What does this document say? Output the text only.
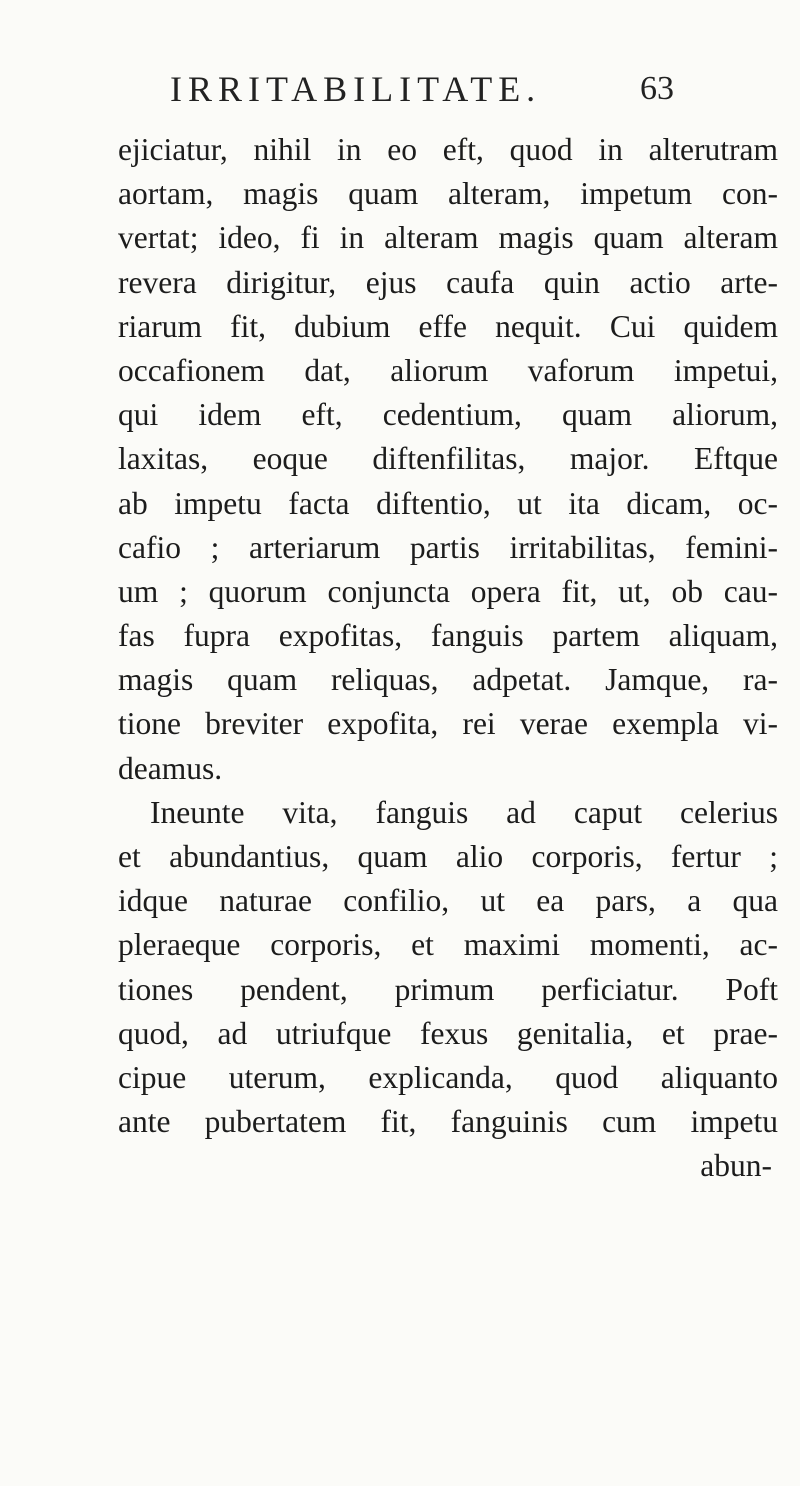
IRRITABILITATE.	63
ejiciatur, nihil in eo eft, quod in alterutram
aortam, magis quam alteram, impetum con-
vertat; ideo, fi in alteram magis quam alteram
revera dirigitur, ejus caufa quin actio arte-
riarum fit, dubium effe nequit. Cui quidem
occafionem dat, aliorum vaforum impetui,
qui idem eft, cedentium, quam aliorum,
laxitas, eoque diftenfilitas, major. Eftque
ab impetu facta diftentio, ut ita dicam, oc-
cafio ; arteriarum partis irritabilitas, femini-
um ; quorum conjuncta opera fit, ut, ob cau-
fas fupra expofitas, fanguis partem aliquam,
magis quam reliquas, adpetat. Jamque, ra-
tione breviter expofita, rei verae exempla vi-
deamus.
Ineunte vita, fanguis ad caput celerius
et abundantius, quam alio corporis, fertur ;
idque naturae confilio, ut ea pars, a qua
pleraeque corporis, et maximi momenti, ac-
tiones pendent, primum perficiatur. Poft
quod, ad utriufque fexus genitalia, et prae-
cipue uterum, explicanda, quod aliquanto
ante pubertatem fit, fanguinis cum impetu
abun-
